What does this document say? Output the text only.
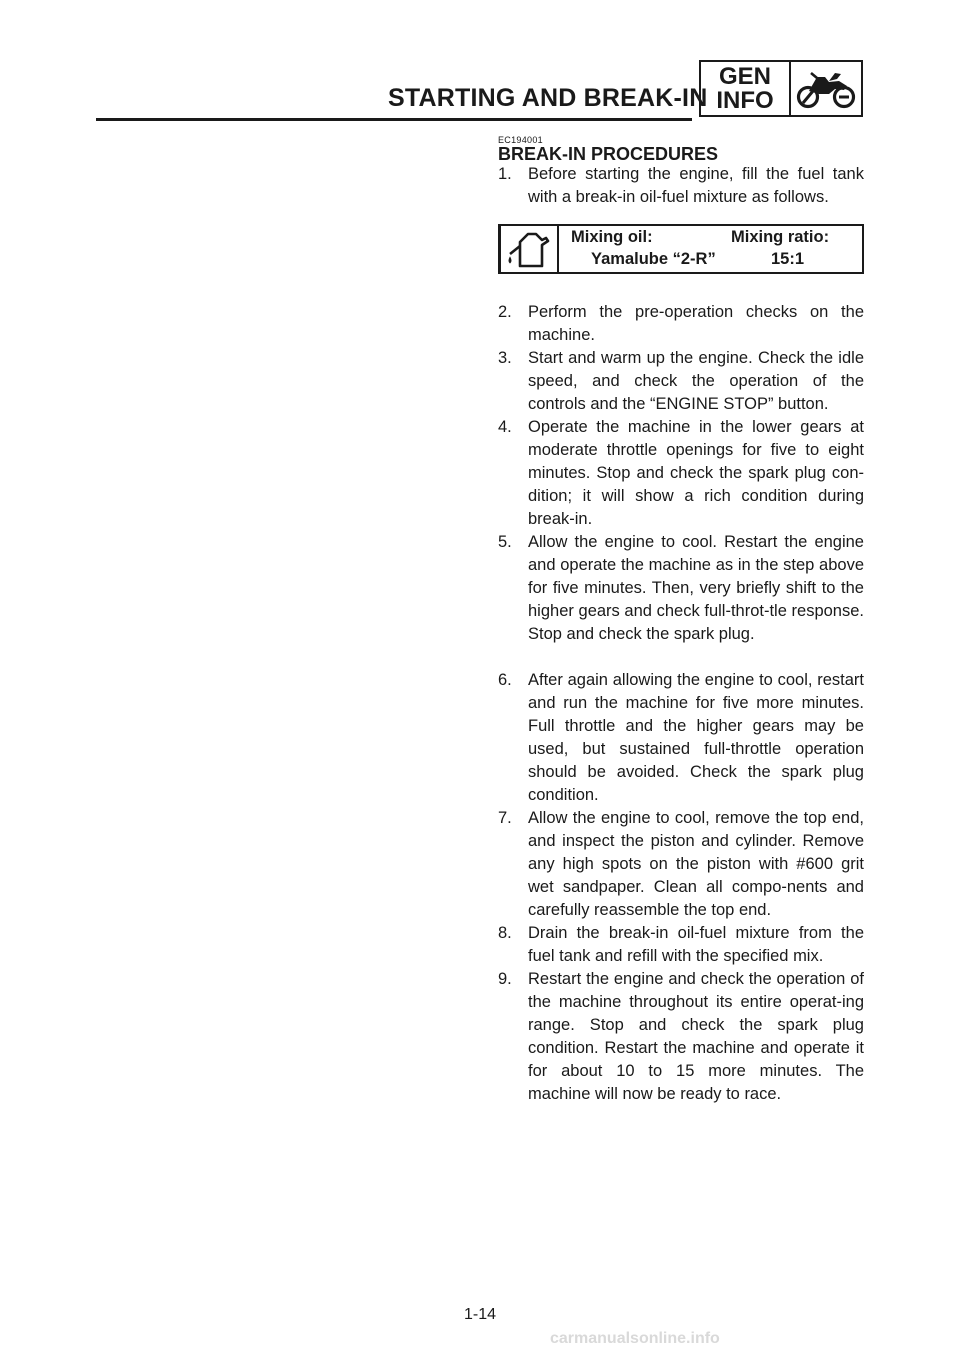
STARTING AND BREAK-IN
GEN
INFO
EC194001
BREAK-IN PROCEDURES
1. Before starting the engine, fill the fuel tank with a break-in oil-fuel mixture as follows.
Mixing oil:	Mixing ratio:
Yamalube “2-R”	15:1
2. Perform the pre-operation checks on the machine.
3. Start and warm up the engine. Check the idle speed, and check the operation of the controls and the “ENGINE STOP” button.
4. Operate the machine in the lower gears at moderate throttle openings for five to eight minutes. Stop and check the spark plug con-dition; it will show a rich condition during break-in.
5. Allow the engine to cool. Restart the engine and operate the machine as in the step above for five minutes. Then, very briefly shift to the higher gears and check full-throt-tle response. Stop and check the spark plug.
6. After again allowing the engine to cool, restart and run the machine for five more minutes. Full throttle and the higher gears may be used, but sustained full-throttle operation should be avoided. Check the spark plug condition.
7. Allow the engine to cool, remove the top end, and inspect the piston and cylinder. Remove any high spots on the piston with #600 grit wet sandpaper. Clean all compo-nents and carefully reassemble the top end.
8. Drain the break-in oil-fuel mixture from the fuel tank and refill with the specified mix.
9. Restart the engine and check the operation of the machine throughout its entire operat-ing range. Stop and check the spark plug condition. Restart the machine and operate it for about 10 to 15 more minutes. The machine will now be ready to race.
1-14
carmanualsonline.info
